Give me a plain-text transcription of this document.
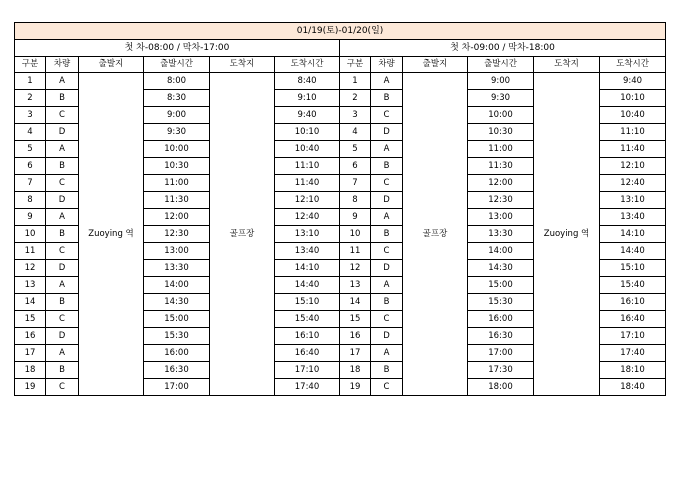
01/19(토)-01/20(일)											
첫 차-08:00 / 막차-17:00						첫 차-09:00 / 막차-18:00					
구분	차량	출발지	출발시간	도착지	도착시간	구분	차량	출발지	출발시간	도착지	도착시간
1	A	Zuoying 역	8:00	골프장	8:40	1	A	골프장	9:00	Zuoying 역	9:40
2	B		8:30		9:10	2	B		9:30		10:10
3	C		9:00		9:40	3	C		10:00		10:40
4	D		9:30		10:10	4	D		10:30		11:10
5	A		10:00		10:40	5	A		11:00		11:40
6	B		10:30		11:10	6	B		11:30		12:10
7	C		11:00		11:40	7	C		12:00		12:40
8	D		11:30		12:10	8	D		12:30		13:10
9	A		12:00		12:40	9	A		13:00		13:40
10	B		12:30		13:10	10	B		13:30		14:10
11	C		13:00		13:40	11	C		14:00		14:40
12	D		13:30		14:10	12	D		14:30		15:10
13	A		14:00		14:40	13	A		15:00		15:40
14	B		14:30		15:10	14	B		15:30		16:10
15	C		15:00		15:40	15	C		16:00		16:40
16	D		15:30		16:10	16	D		16:30		17:10
17	A		16:00		16:40	17	A		17:00		17:40
18	B		16:30		17:10	18	B		17:30		18:10
19	C		17:00		17:40	19	C		18:00		18:40
